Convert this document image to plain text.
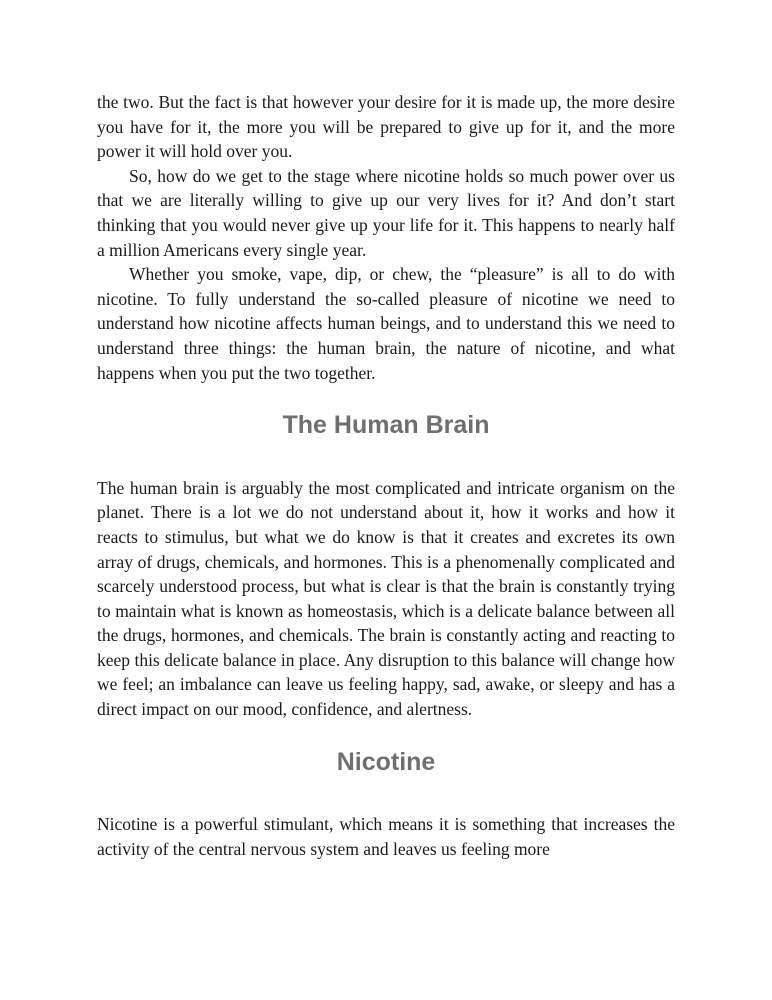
the two. But the fact is that however your desire for it is made up, the more desire you have for it, the more you will be prepared to give up for it, and the more power it will hold over you.

So, how do we get to the stage where nicotine holds so much power over us that we are literally willing to give up our very lives for it? And don’t start thinking that you would never give up your life for it. This happens to nearly half a million Americans every single year.

Whether you smoke, vape, dip, or chew, the “pleasure” is all to do with nicotine. To fully understand the so-called pleasure of nicotine we need to understand how nicotine affects human beings, and to understand this we need to understand three things: the human brain, the nature of nicotine, and what happens when you put the two together.

The Human Brain

The human brain is arguably the most complicated and intricate organism on the planet. There is a lot we do not understand about it, how it works and how it reacts to stimulus, but what we do know is that it creates and excretes its own array of drugs, chemicals, and hormones. This is a phenomenally complicated and scarcely understood process, but what is clear is that the brain is constantly trying to maintain what is known as homeostasis, which is a delicate balance between all the drugs, hormones, and chemicals. The brain is constantly acting and reacting to keep this delicate balance in place. Any disruption to this balance will change how we feel; an imbalance can leave us feeling happy, sad, awake, or sleepy and has a direct impact on our mood, confidence, and alertness.

Nicotine

Nicotine is a powerful stimulant, which means it is something that increases the activity of the central nervous system and leaves us feeling more
